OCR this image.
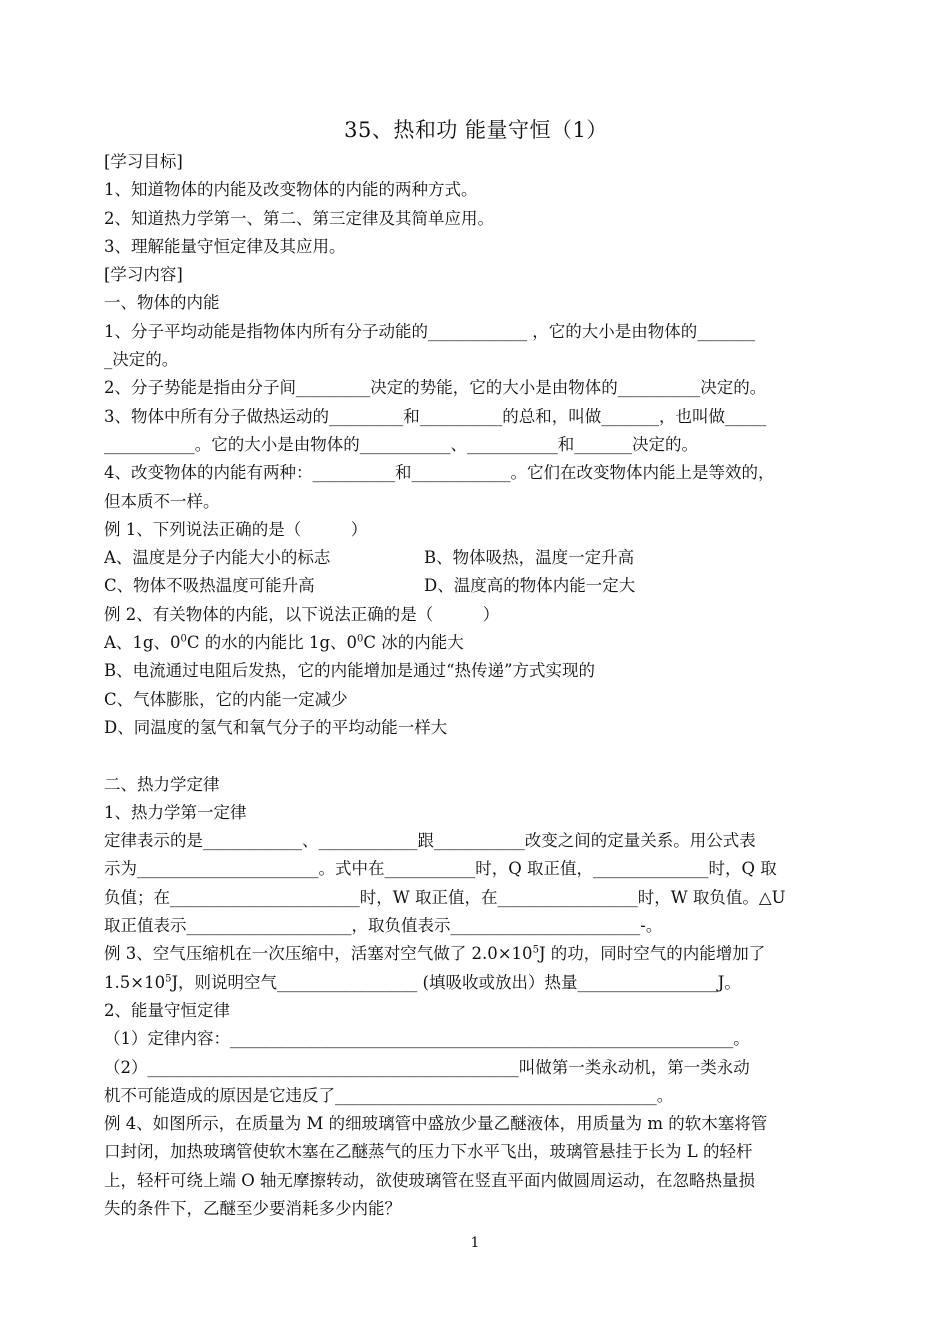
35、热和功 能量守恒（1）
[学习目标]
1、知道物体的内能及改变物体的内能的两种方式。
2、知道热力学第一、第二、第三定律及其简单应用。
3、理解能量守恒定律及其应用。
[学习内容]
一、物体的内能
1、分子平均动能是指物体内所有分子动能的____________ ，它的大小是由物体的_______
_决定的。
2、分子势能是指由分子间_________决定的势能，它的大小是由物体的__________决定的。
3、物体中所有分子做热运动的_________和__________的总和，叫做_______，也叫做_____
___________。它的大小是由物体的___________、___________和_______决定的。
4、改变物体的内能有两种：__________和____________。它们在改变物体内能上是等效的，
但本质不一样。
例 1、下列说法正确的是（　　　）
A、温度是分子内能大小的标志	B、物体吸热，温度一定升高
C、物体不吸热温度可能升高	D、温度高的物体内能一定大
例 2、有关物体的内能，以下说法正确的是（　　　）
A、1g、$0^0C$ 的水的内能比 1g、$0^0C$ 冰的内能大
B、电流通过电阻后发热，它的内能增加是通过“热传递”方式实现的
C、气体膨胀，它的内能一定减少
D、同温度的氢气和氧气分子的平均动能一样大
二、热力学定律
1、热力学第一定律
定律表示的是____________、____________跟___________改变之间的定量关系。用公式表
示为______________________。式中在___________时，Q 取正值，______________时，Q 取
负值；在_______________________时，W 取正值，在_________________时，W 取负值。△U
取正值表示____________________，取负值表示_______________________-。
例 3、空气压缩机在一次压缩中，活塞对空气做了 $2.0\times 10^5J$ 的功，同时空气的内能增加了
$1.5\times 10^5J$，则说明空气_________________ (填吸收或放出）热量_________________J。
2、能量守恒定律
（1）定律内容：_____________________________________________________________。
（2）_____________________________________________叫做第一类永动机，第一类永动
机不可能造成的原因是它违反了_______________________________________。
例 4、如图所示，在质量为 M 的细玻璃管中盛放少量乙醚液体，用质量为 m 的软木塞将管
口封闭，加热玻璃管使软木塞在乙醚蒸气的压力下水平飞出，玻璃管悬挂于长为 L 的轻杆
上，轻杆可绕上端 O 轴无摩擦转动，欲使玻璃管在竖直平面内做圆周运动，在忽略热量损
失的条件下，乙醚至少要消耗多少内能？
1
